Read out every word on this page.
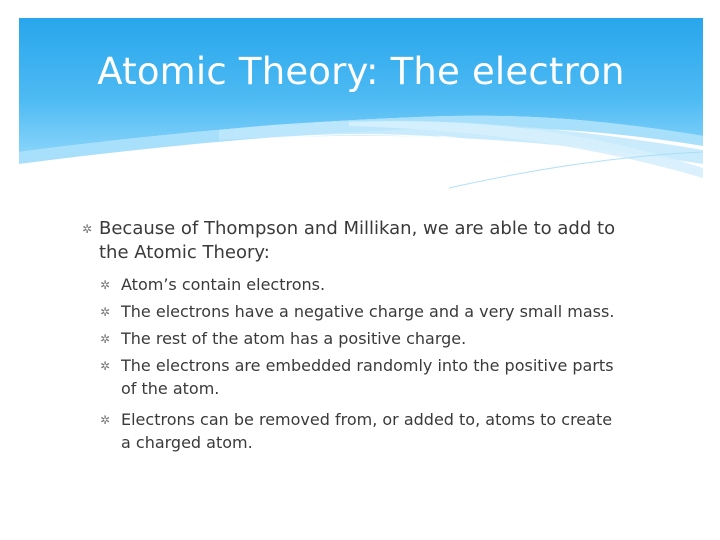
Atomic Theory: The electron
✲ Because of Thompson and Millikan, we are able to add to
the Atomic Theory:
✲ Atom’s contain electrons.
✲ The electrons have a negative charge and a very small mass.
✲ The rest of the atom has a positive charge.
✲ The electrons are embedded randomly into the positive parts
of the atom.
✲ Electrons can be removed from, or added to, atoms to create
a charged atom.
